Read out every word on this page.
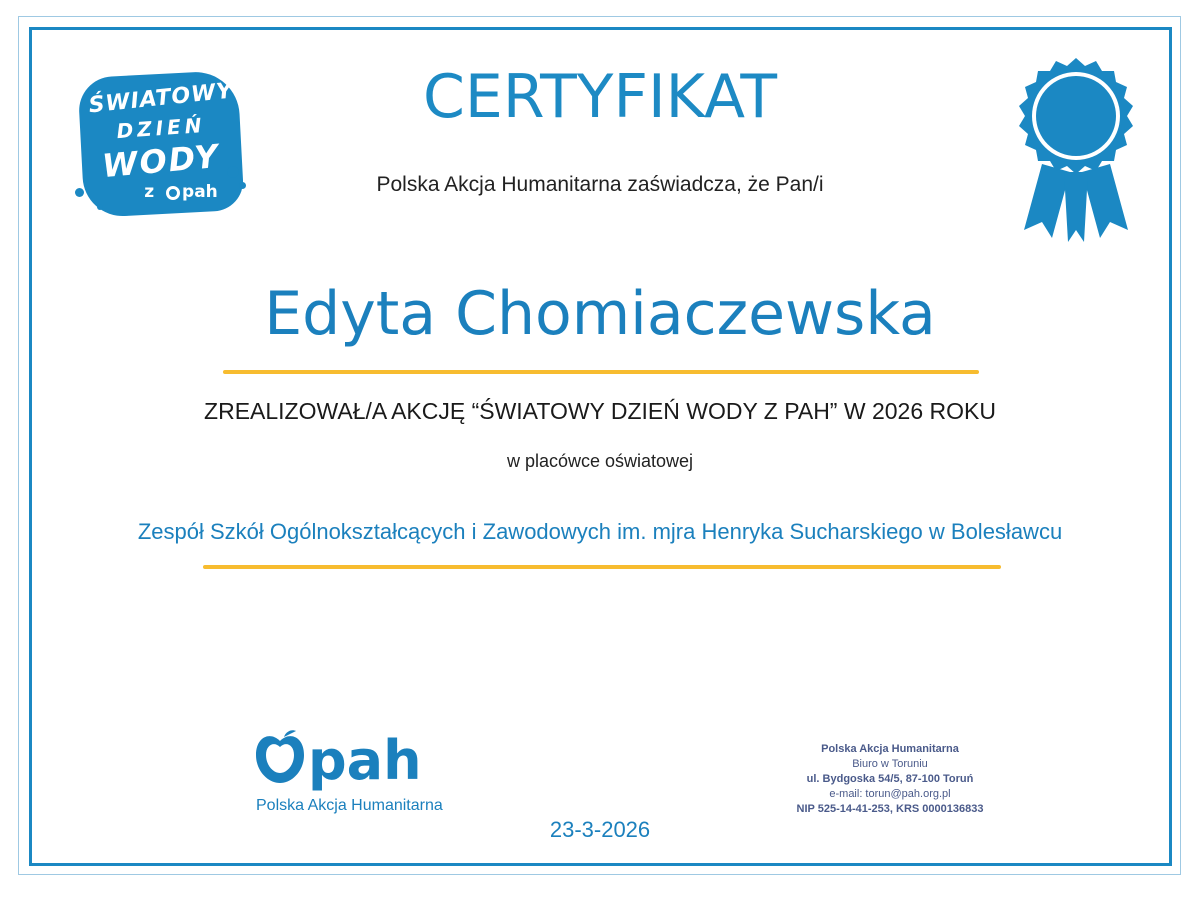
ŚWIATOWY
DZIEŃ
WODY
z pah
CERTYFIKAT
Polska Akcja Humanitarna zaświadcza, że Pan/i
Edyta Chomiaczewska
ZREALIZOWAŁ/A AKCJĘ “ŚWIATOWY DZIEŃ WODY Z PAH” W 2026 ROKU
w placówce oświatowej
Zespół Szkół Ogólnokształcących i Zawodowych im. mjra Henryka Sucharskiego w Bolesławcu
pah
Polska Akcja Humanitarna
Polska Akcja Humanitarna
Biuro w Toruniu
ul. Bydgoska 54/5, 87-100 Toruń
e-mail: torun@pah.org.pl
NIP 525-14-41-253, KRS 0000136833
23-3-2026
